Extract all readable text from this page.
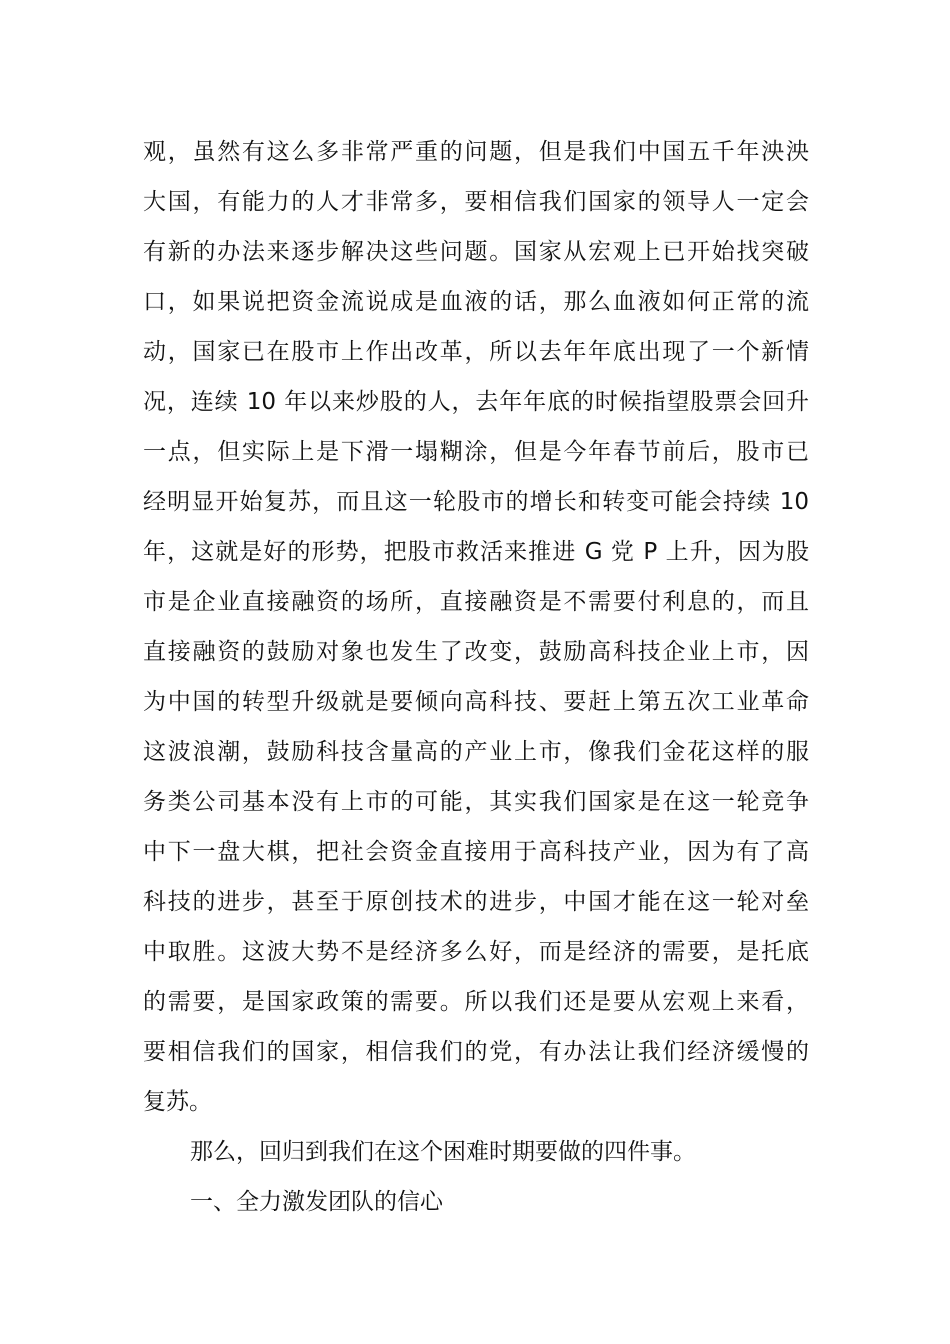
观，虽然有这么多非常严重的问题，但是我们中国五千年泱泱
大国，有能力的人才非常多，要相信我们国家的领导人一定会
有新的办法来逐步解决这些问题。国家从宏观上已开始找突破
口，如果说把资金流说成是血液的话，那么血液如何正常的流
动，国家已在股市上作出改革，所以去年年底出现了一个新情
况，连续 10 年以来炒股的人，去年年底的时候指望股票会回升
一点，但实际上是下滑一塌糊涂，但是今年春节前后，股市已
经明显开始复苏，而且这一轮股市的增长和转变可能会持续 10
年，这就是好的形势，把股市救活来推进 G 党 P 上升，因为股
市是企业直接融资的场所，直接融资是不需要付利息的，而且
直接融资的鼓励对象也发生了改变，鼓励高科技企业上市，因
为中国的转型升级就是要倾向高科技、要赶上第五次工业革命
这波浪潮，鼓励科技含量高的产业上市，像我们金花这样的服
务类公司基本没有上市的可能，其实我们国家是在这一轮竞争
中下一盘大棋，把社会资金直接用于高科技产业，因为有了高
科技的进步，甚至于原创技术的进步，中国才能在这一轮对垒
中取胜。这波大势不是经济多么好，而是经济的需要，是托底
的需要，是国家政策的需要。所以我们还是要从宏观上来看，
要相信我们的国家，相信我们的党，有办法让我们经济缓慢的
复苏。
那么，回归到我们在这个困难时期要做的四件事。
一、全力激发团队的信心
